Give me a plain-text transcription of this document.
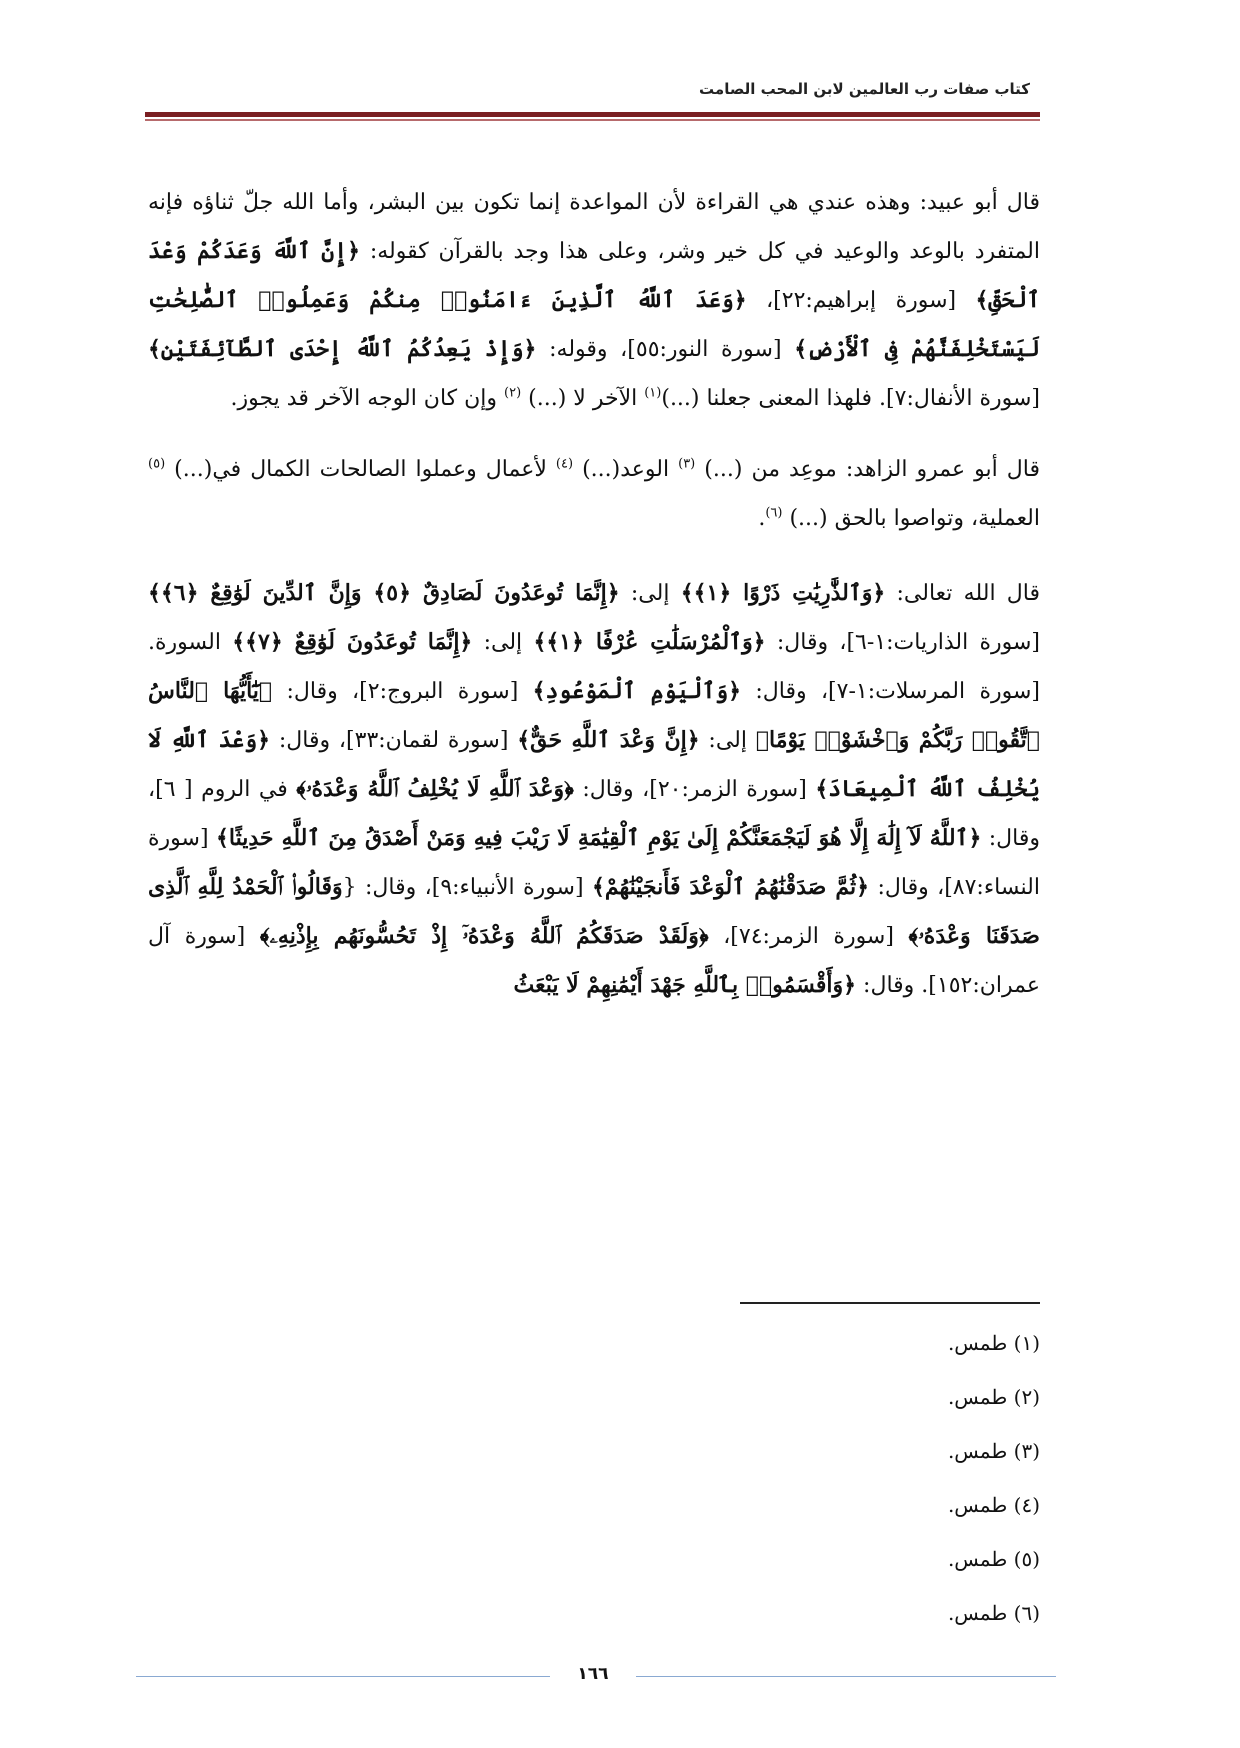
كتاب صفات رب العالمين لابن المحب الصامت

قال أبو عبيد: وهذه عندي هي القراءة لأن المواعدة إنما تكون بين البشر، وأما الله جلّ ثناؤه فإنه المتفرد بالوعد والوعيد في كل خير وشر، وعلى هذا وجد بالقرآن كقوله: ﴿إِنَّ ٱللَّهَ وَعَدَكُمْ وَعْدَ ٱلْحَقِّ﴾ [سورة إبراهيم:٢٢]، ﴿وَعَدَ ٱللَّهُ ٱلَّذِينَ ءَامَنُوا۟ مِنكُمْ وَعَمِلُوا۟ ٱلصَّٰلِحَٰتِ لَيَسْتَخْلِفَنَّهُمْ فِى ٱلْأَرْضِ﴾ [سورة النور:٥٥]، وقوله: ﴿وَإِذْ يَعِدُكُمُ ٱللَّهُ إِحْدَى ٱلطَّآئِفَتَيْنِ﴾ [سورة الأنفال:٧]. فلهذا المعنى جعلنا (...)$^{(١)}$ الآخر لا (...) $^{(٢)}$ وإن كان الوجه الآخر قد يجوز.

قال أبو عمرو الزاهد: موعِد من (...) $^{(٣)}$ الوعد(...) $^{(٤)}$ لأعمال وعملوا الصالحات الكمال في(...) $^{(٥)}$ العملية، وتواصوا بالحق (...) $^{(٦)}$.

قال الله تعالى: ﴿وَٱلذَّٰرِيَٰتِ ذَرْوًا ﴿١﴾﴾ إلى: ﴿إِنَّمَا تُوعَدُونَ لَصَادِقٌ ﴿٥﴾ وَإِنَّ ٱلدِّينَ لَوَٰقِعٌ ﴿٦﴾﴾ [سورة الذاريات:١-٦]، وقال: ﴿وَٱلْمُرْسَلَٰتِ عُرْفًا ﴿١﴾﴾ إلى: ﴿إِنَّمَا تُوعَدُونَ لَوَٰقِعٌ ﴿٧﴾﴾ السورة. [سورة المرسلات:١-٧]، وقال: ﴿وَٱلْيَوْمِ ٱلْمَوْعُودِ﴾ [سورة البروج:٢]، وقال: ﴿يَٰٓأَيُّهَا ٱلنَّاسُ ٱتَّقُوا۟ رَبَّكُمْ وَٱخْشَوْا۟ يَوْمًا﴾ إلى: ﴿إِنَّ وَعْدَ ٱللَّهِ حَقٌّ﴾ [سورة لقمان:٣٣]، وقال: ﴿وَعْدَ ٱللَّهِ لَا يُخْلِفُ ٱللَّهُ ٱلْمِيعَادَ﴾ [سورة الزمر:٢٠]، وقال: ﴿وَعْدَ ٱللَّهِ لَا يُخْلِفُ ٱللَّهُ وَعْدَهُۥ﴾ في الروم [ ٦]، وقال: ﴿ٱللَّهُ لَآ إِلَٰهَ إِلَّا هُوَ لَيَجْمَعَنَّكُمْ إِلَىٰ يَوْمِ ٱلْقِيَٰمَةِ لَا رَيْبَ فِيهِ وَمَنْ أَصْدَقُ مِنَ ٱللَّهِ حَدِيثًا﴾ [سورة النساء:٨٧]، وقال: ﴿ثُمَّ صَدَقْنَٰهُمُ ٱلْوَعْدَ فَأَنجَيْنَٰهُمْ﴾ [سورة الأنبياء:٩]، وقال: {وَقَالُوا۟ ٱلْحَمْدُ لِلَّهِ ٱلَّذِى صَدَقَنَا وَعْدَهُۥ﴾ [سورة الزمر:٧٤]، ﴿وَلَقَدْ صَدَقَكُمُ ٱللَّهُ وَعْدَهُۥٓ إِذْ تَحُسُّونَهُم بِإِذْنِهِۦ﴾ [سورة آل عمران:١٥٢]. وقال: ﴿وَأَقْسَمُوا۟ بِٱللَّهِ جَهْدَ أَيْمَٰنِهِمْ لَا يَبْعَثُ

(١) طمس.
(٢) طمس.
(٣) طمس.
(٤) طمس.
(٥) طمس.
(٦) طمس.
١٦٦
